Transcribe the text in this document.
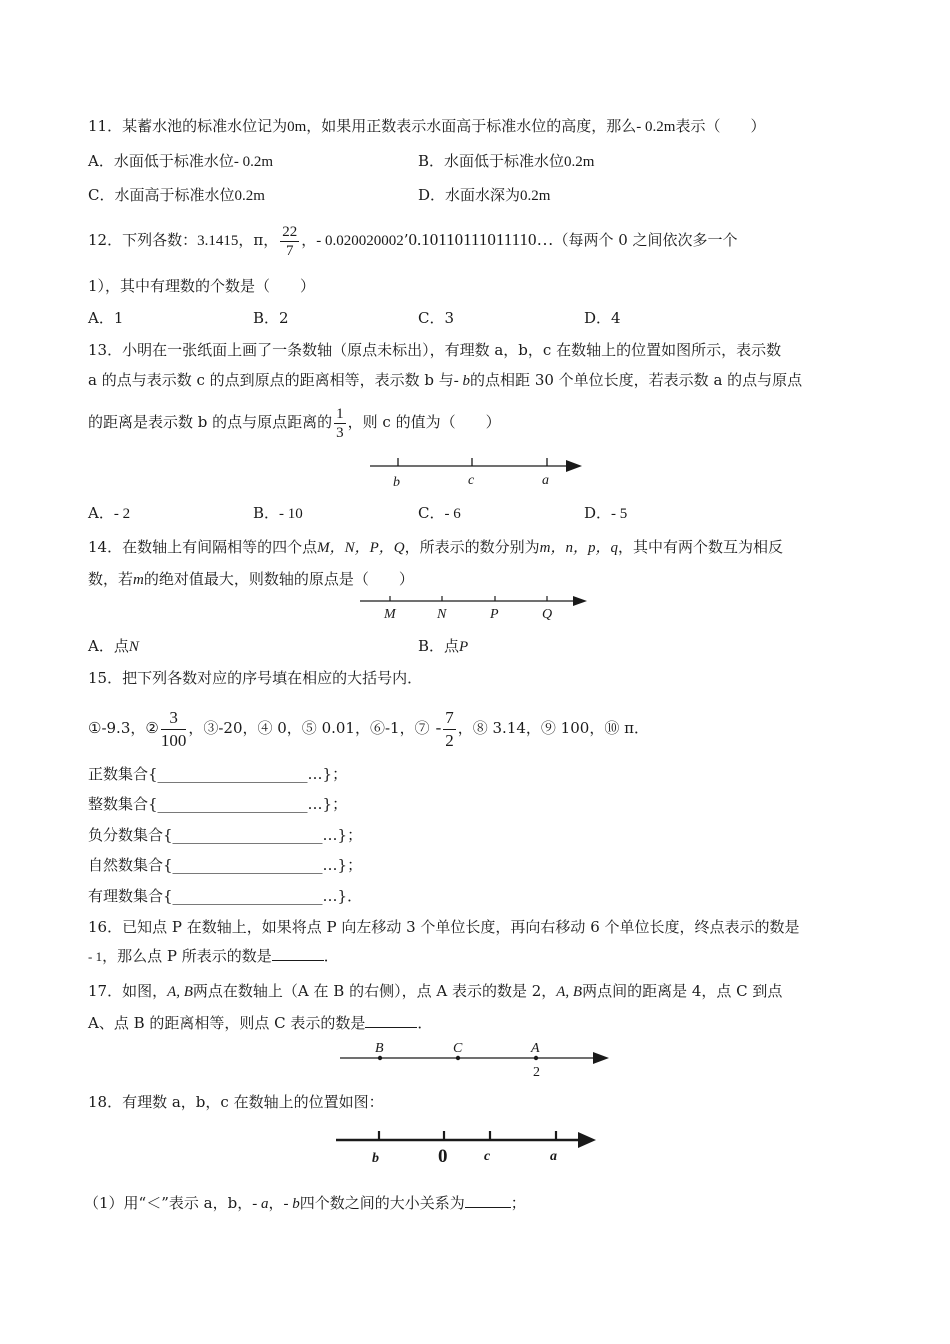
11．某蓄水池的标准水位记为0m，如果用正数表示水面高于标准水位的高度，那么- 0.2m表示（　　）
A．水面低于标准水位- 0.2m	B．水面低于标准水位0.2m
C．水面高于标准水位0.2m	D．水面水深为0.2m
12．下列各数：3.1415，π， $\frac{22}{7}$ ，- 0.020020002’0.10110111011110…（每两个 0 之间依次多一个
1），其中有理数的个数是（　　）
A．1	B．2	C．3	D．4
13．小明在一张纸面上画了一条数轴（原点未标出），有理数 a，b，c 在数轴上的位置如图所示，表示数
a 的点与表示数 c 的点到原点的距离相等，表示数 b 与- b的点相距 30 个单位长度，若表示数 a 的点与原点
的距离是表示数 b 的点与原点距离的 $\frac{1}{3}$ ，则 c 的值为（　　）
b	c	a
A．- 2	B．- 10	C．- 6	D．- 5
14．在数轴上有间隔相等的四个点M，N，P，Q，所表示的数分别为m，n，p，q，其中有两个数互为相反
数，若m的绝对值最大，则数轴的原点是（　　）
M	N	P	Q
A．点N	B．点P
15．把下列各数对应的序号填在相应的大括号内．
①-9.3，② $\frac{3}{100}$ ，③-20，④ 0，⑤ 0.01，⑥-1，⑦ - $\frac{7}{2}$ ，⑧ 3.14，⑨ 100，⑩ π．
正数集合{____________________…}；
整数集合{____________________…}；
负分数集合{____________________…}；
自然数集合{____________________…}；
有理数集合{____________________…}．
16．已知点 P 在数轴上，如果将点 P 向左移动 3 个单位长度，再向右移动 6 个单位长度，终点表示的数是
- 1，那么点 P 所表示的数是	．
17．如图，A, B两点在数轴上（A 在 B 的右侧），点 A 表示的数是 2，A, B两点间的距离是 4，点 C 到点
A、点 B 的距离相等，则点 C 表示的数是	．
B	C	A
2
18．有理数 a，b，c 在数轴上的位置如图：
b	0	c	a
（1）用“＜”表示 a，b，- a，- b四个数之间的大小关系为	；
